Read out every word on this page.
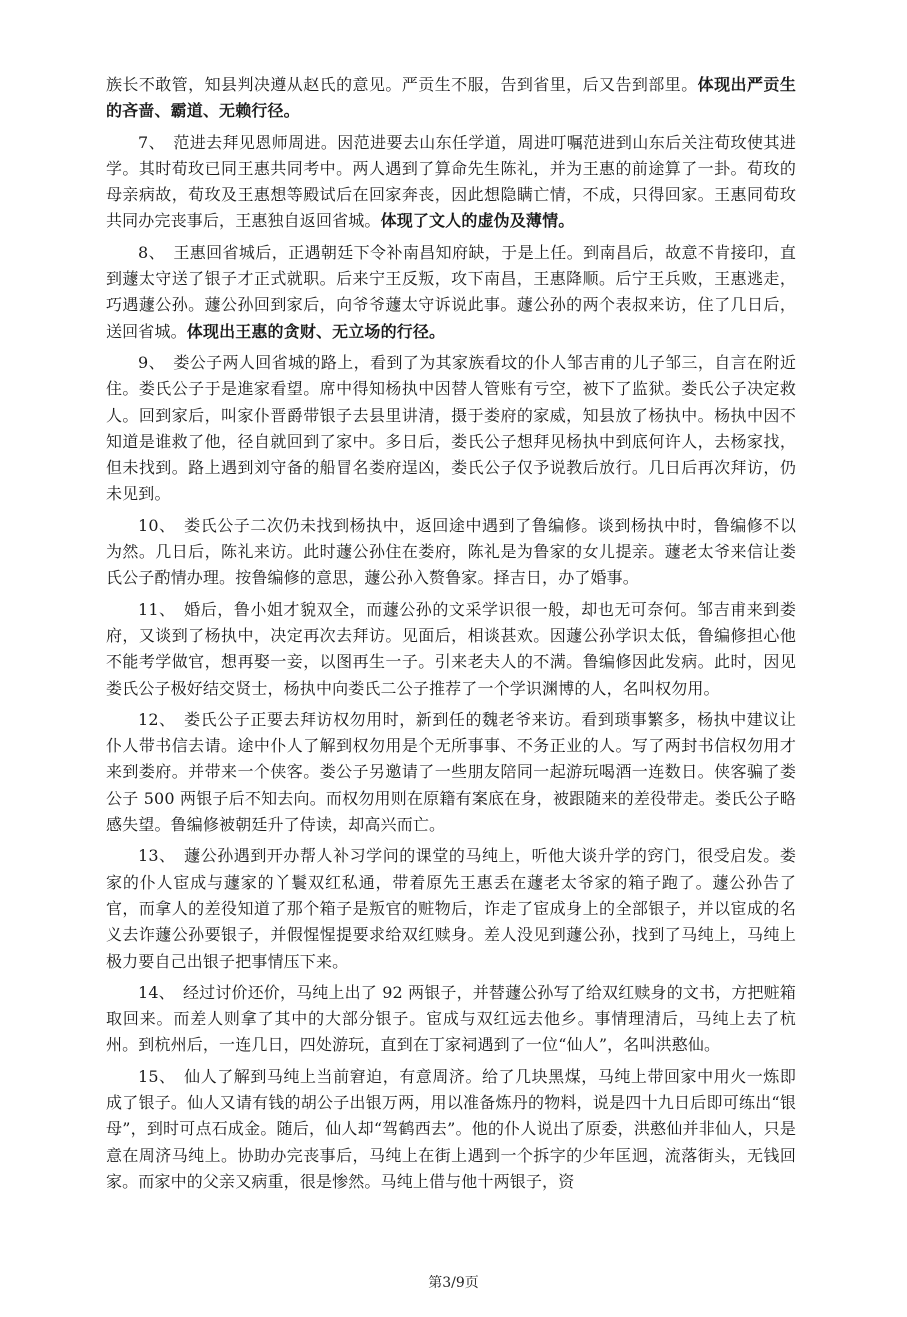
族长不敢管，知县判决遵从赵氏的意见。严贡生不服，告到省里，后又告到部里。体现出严贡生的吝啬、霸道、无赖行径。

7、　范进去拜见恩师周进。因范进要去山东任学道，周进叮嘱范进到山东后关注荀玫使其进学。其时荀玫已同王惠共同考中。两人遇到了算命先生陈礼，并为王惠的前途算了一卦。荀玫的母亲病故，荀玫及王惠想等殿试后在回家奔丧，因此想隐瞒亡情，不成，只得回家。王惠同荀玫共同办完丧事后，王惠独自返回省城。体现了文人的虚伪及薄情。

8、　王惠回省城后，正遇朝廷下令补南昌知府缺，于是上任。到南昌后，故意不肯接印，直到蘧太守送了银子才正式就职。后来宁王反叛，攻下南昌，王惠降顺。后宁王兵败，王惠逃走，巧遇蘧公孙。蘧公孙回到家后，向爷爷蘧太守诉说此事。蘧公孙的两个表叔来访，住了几日后，送回省城。体现出王惠的贪财、无立场的行径。

9、　娄公子两人回省城的路上，看到了为其家族看坟的仆人邹吉甫的儿子邹三，自言在附近住。娄氏公子于是進家看望。席中得知杨执中因替人管账有亏空，被下了监狱。娄氏公子决定救人。回到家后，叫家仆晋爵带银子去县里讲清，摄于娄府的家威，知县放了杨执中。杨执中因不知道是谁救了他，径自就回到了家中。多日后，娄氏公子想拜见杨执中到底何许人，去杨家找，但未找到。路上遇到刘守备的船冒名娄府逞凶，娄氏公子仅予说教后放行。几日后再次拜访，仍未见到。

10、　娄氏公子二次仍未找到杨执中，返回途中遇到了鲁编修。谈到杨执中时，鲁编修不以为然。几日后，陈礼来访。此时蘧公孙住在娄府，陈礼是为鲁家的女儿提亲。蘧老太爷来信让娄氏公子酌情办理。按鲁编修的意思，蘧公孙入赘鲁家。择吉日，办了婚事。

11、　婚后，鲁小姐才貌双全，而蘧公孙的文采学识很一般，却也无可奈何。邹吉甫来到娄府，又谈到了杨执中，决定再次去拜访。见面后，相谈甚欢。因蘧公孙学识太低，鲁编修担心他不能考学做官，想再娶一妾，以图再生一子。引来老夫人的不满。鲁编修因此发病。此时，因见娄氏公子极好结交贤士，杨执中向娄氏二公子推荐了一个学识渊博的人，名叫权勿用。

12、　娄氏公子正要去拜访权勿用时，新到任的魏老爷来访。看到琐事繁多，杨执中建议让仆人带书信去请。途中仆人了解到权勿用是个无所事事、不务正业的人。写了两封书信权勿用才来到娄府。并带来一个侠客。娄公子另邀请了一些朋友陪同一起游玩喝酒一连数日。侠客骗了娄公子 500 两银子后不知去向。而权勿用则在原籍有案底在身，被跟随来的差役带走。娄氏公子略感失望。鲁编修被朝廷升了侍读，却高兴而亡。

13、　蘧公孙遇到开办帮人补习学问的课堂的马纯上，听他大谈升学的窍门，很受启发。娄家的仆人宦成与蘧家的丫鬟双红私通，带着原先王惠丢在蘧老太爷家的箱子跑了。蘧公孙告了官，而拿人的差役知道了那个箱子是叛官的赃物后，诈走了宦成身上的全部银子，并以宦成的名义去诈蘧公孙要银子，并假惺惺提要求给双红赎身。差人没见到蘧公孙，找到了马纯上，马纯上极力要自己出银子把事情压下来。

14、　经过讨价还价，马纯上出了 92 两银子，并替蘧公孙写了给双红赎身的文书，方把赃箱取回来。而差人则拿了其中的大部分银子。宦成与双红远去他乡。事情理清后，马纯上去了杭州。到杭州后，一连几日，四处游玩，直到在丁家祠遇到了一位“仙人”，名叫洪憨仙。

15、　仙人了解到马纯上当前窘迫，有意周济。给了几块黑煤，马纯上带回家中用火一炼即成了银子。仙人又请有钱的胡公子出银万两，用以准备炼丹的物料，说是四十九日后即可练出“银母”，到时可点石成金。随后，仙人却“驾鹤西去”。他的仆人说出了原委，洪憨仙并非仙人，只是意在周济马纯上。协助办完丧事后，马纯上在街上遇到一个拆字的少年匡迥，流落街头，无钱回家。而家中的父亲又病重，很是惨然。马纯上借与他十两银子，资

第3/9页
